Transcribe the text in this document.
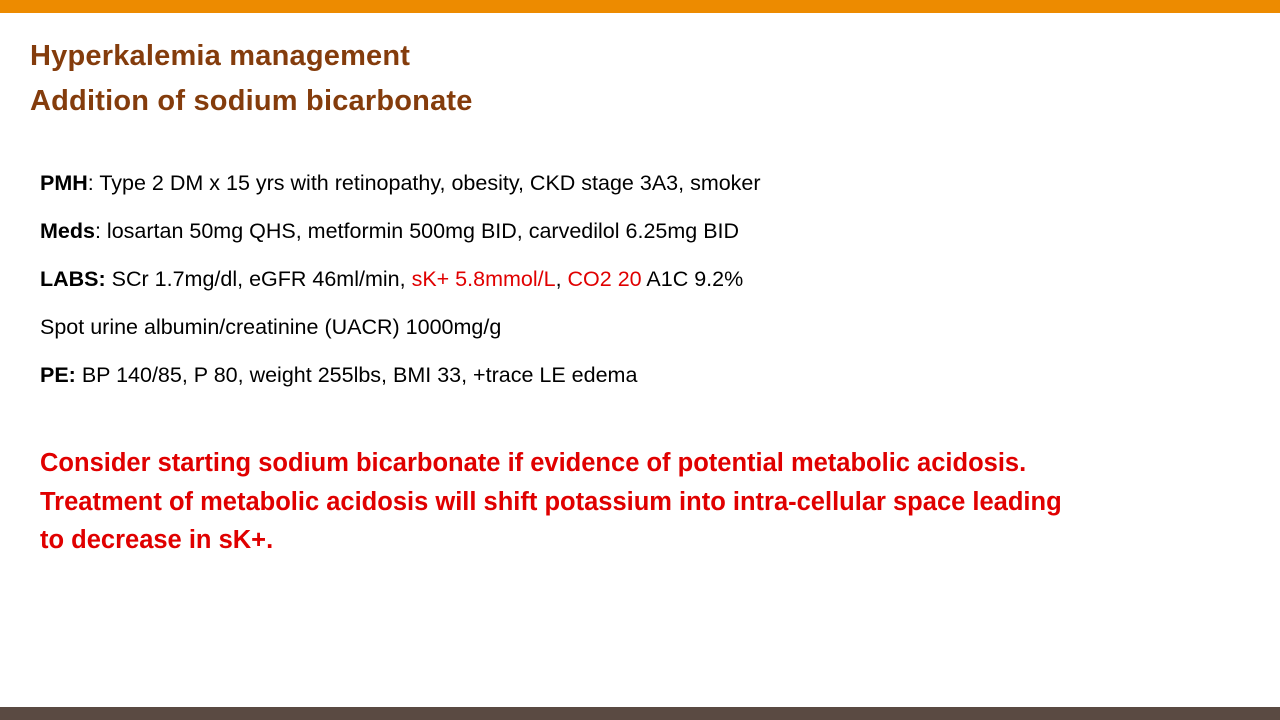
Hyperkalemia management
Addition of sodium bicarbonate
PMH: Type 2 DM x 15 yrs with retinopathy, obesity, CKD stage 3A3, smoker
Meds: losartan 50mg QHS, metformin 500mg BID, carvedilol 6.25mg BID
LABS: SCr 1.7mg/dl, eGFR 46ml/min, sK+ 5.8mmol/L, CO2 20 A1C 9.2%
Spot urine albumin/creatinine (UACR) 1000mg/g
PE: BP 140/85, P 80, weight 255lbs, BMI 33, +trace LE edema
Consider starting sodium bicarbonate if evidence of potential metabolic acidosis.
Treatment of metabolic acidosis will shift potassium into intra-cellular space leading
to decrease in sK+.
